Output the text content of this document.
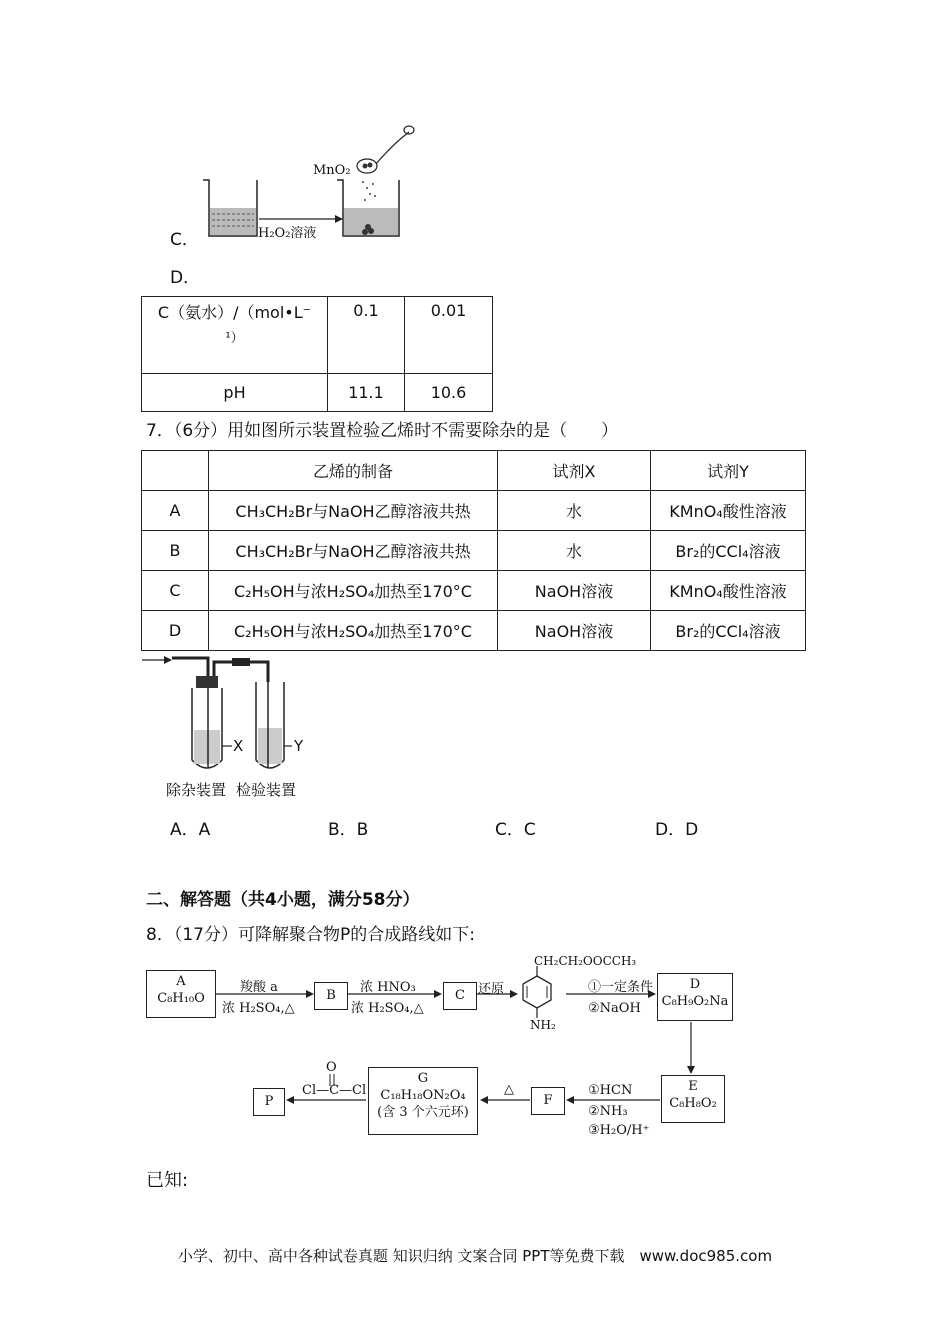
C．
MnO₂
H₂O₂溶液
D．
C（氨水）/（mol•L⁻
¹）	0.1	0.01
pH	11.1	10.6
7．（6分）用如图所示装置检验乙烯时不需要除杂的是（　　）
	乙烯的制备	试剂X	试剂Y
A	CH₃CH₂Br与NaOH乙醇溶液共热	水	KMnO₄酸性溶液
B	CH₃CH₂Br与NaOH乙醇溶液共热	水	Br₂的CCl₄溶液
C	C₂H₅OH与浓H₂SO₄加热至170°C	NaOH溶液	KMnO₄酸性溶液
D	C₂H₅OH与浓H₂SO₄加热至170°C	NaOH溶液	Br₂的CCl₄溶液
X	Y
除杂装置 检验装置
A．A	B．B	C．C	D．D
二、解答题（共4小题，满分58分）
8．（17分）可降解聚合物P的合成路线如下:
A
C₈H₁₀O
羧酸 a
浓 H₂SO₄,△
B
浓 HNO₃
浓 H₂SO₄,△
C	还原
CH₂CH₂OOCCH₃
NH₂
①一定条件
②NaOH
D
C₈H₉O₂Na
E
C₈H₈O₂
①HCN
②NH₃
③H₂O/H⁺
F
△
G
C₁₈H₁₈ON₂O₄
(含 3 个六元环)
O
Cl—C—Cl
P
已知:
小学、初中、高中各种试卷真题 知识归纳 文案合同 PPT等免费下载　www.doc985.com
